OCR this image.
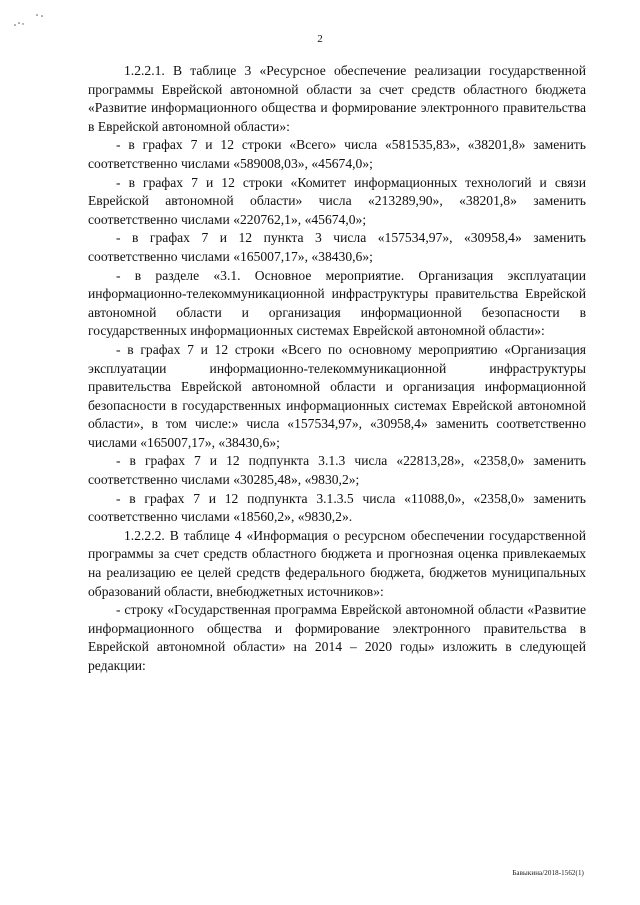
2

1.2.2.1. В таблице 3 «Ресурсное обеспечение реализации государственной программы Еврейской автономной области за счет средств областного бюджета «Развитие информационного общества и формирование электронного правительства в Еврейской автономной области»:

- в графах 7 и 12 строки «Всего» числа «581535,83», «38201,8» заменить соответственно числами «589008,03», «45674,0»;

- в графах 7 и 12 строки «Комитет информационных технологий и связи Еврейской автономной области» числа «213289,90», «38201,8» заменить соответственно числами «220762,1», «45674,0»;

- в графах 7 и 12 пункта 3 числа «157534,97», «30958,4» заменить соответственно числами «165007,17», «38430,6»;

- в разделе «3.1. Основное мероприятие. Организация эксплуатации информационно-телекоммуникационной инфраструктуры правительства Еврейской автономной области и организация информационной безопасности в государственных информационных системах Еврейской автономной области»:

- в графах 7 и 12 строки «Всего по основному мероприятию «Организация эксплуатации информационно-телекоммуникационной инфраструктуры правительства Еврейской автономной области и организация информационной безопасности в государственных информационных системах Еврейской автономной области», в том числе:» числа «157534,97», «30958,4» заменить соответственно числами «165007,17», «38430,6»;

- в графах 7 и 12 подпункта 3.1.3 числа «22813,28», «2358,0» заменить соответственно числами «30285,48», «9830,2»;

- в графах 7 и 12 подпункта 3.1.3.5 числа «11088,0», «2358,0» заменить соответственно числами «18560,2», «9830,2».

1.2.2.2. В таблице 4 «Информация о ресурсном обеспечении государственной программы за счет средств областного бюджета и прогнозная оценка привлекаемых на реализацию ее целей средств федерального бюджета, бюджетов муниципальных образований области, внебюджетных источников»:

- строку «Государственная программа Еврейской автономной области «Развитие информационного общества и формирование электронного правительства в Еврейской автономной области» на 2014 – 2020 годы» изложить в следующей редакции:

Бавыкина/2018-1562(1)
